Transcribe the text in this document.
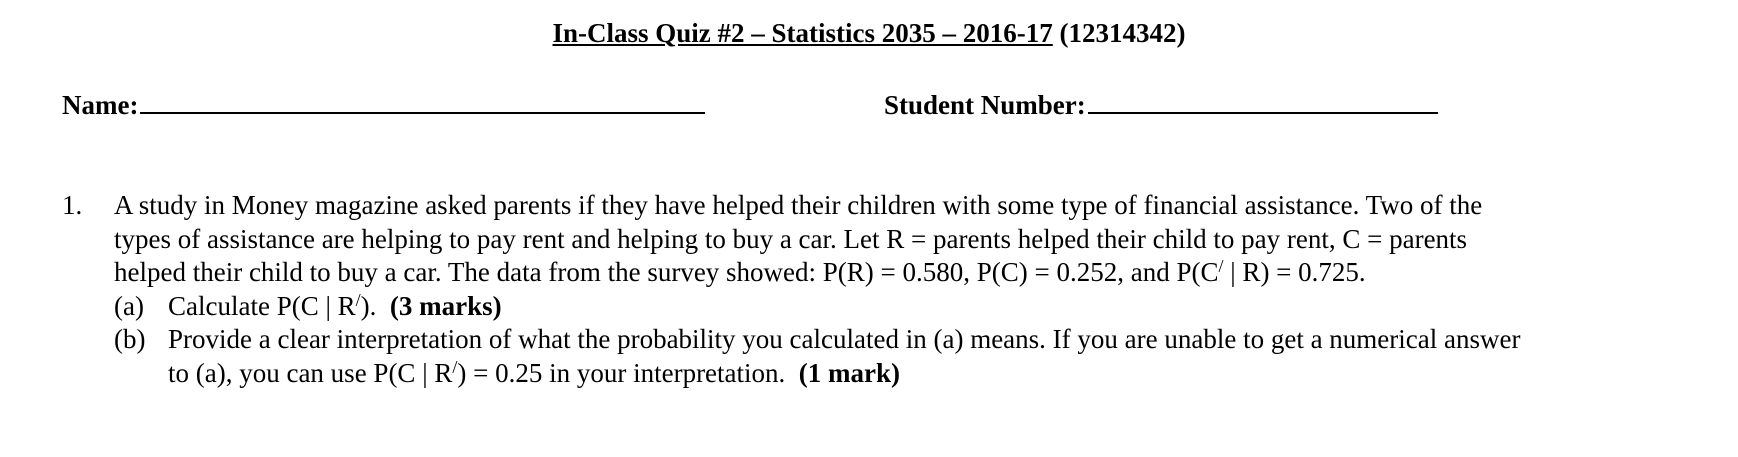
In-Class Quiz #2 – Statistics 2035 – 2016-17 (12314342)
Name:	Student Number:
1. A study in Money magazine asked parents if they have helped their children with some type of financial assistance. Two of the
types of assistance are helping to pay rent and helping to buy a car. Let R = parents helped their child to pay rent, C = parents
helped their child to buy a car. The data from the survey showed: P(R) = 0.580, P(C) = 0.252, and P(C/ | R) = 0.725.
(a) Calculate P(C | R/). (3 marks)
(b) Provide a clear interpretation of what the probability you calculated in (a) means. If you are unable to get a numerical answer
to (a), you can use P(C | R/) = 0.25 in your interpretation. (1 mark)
